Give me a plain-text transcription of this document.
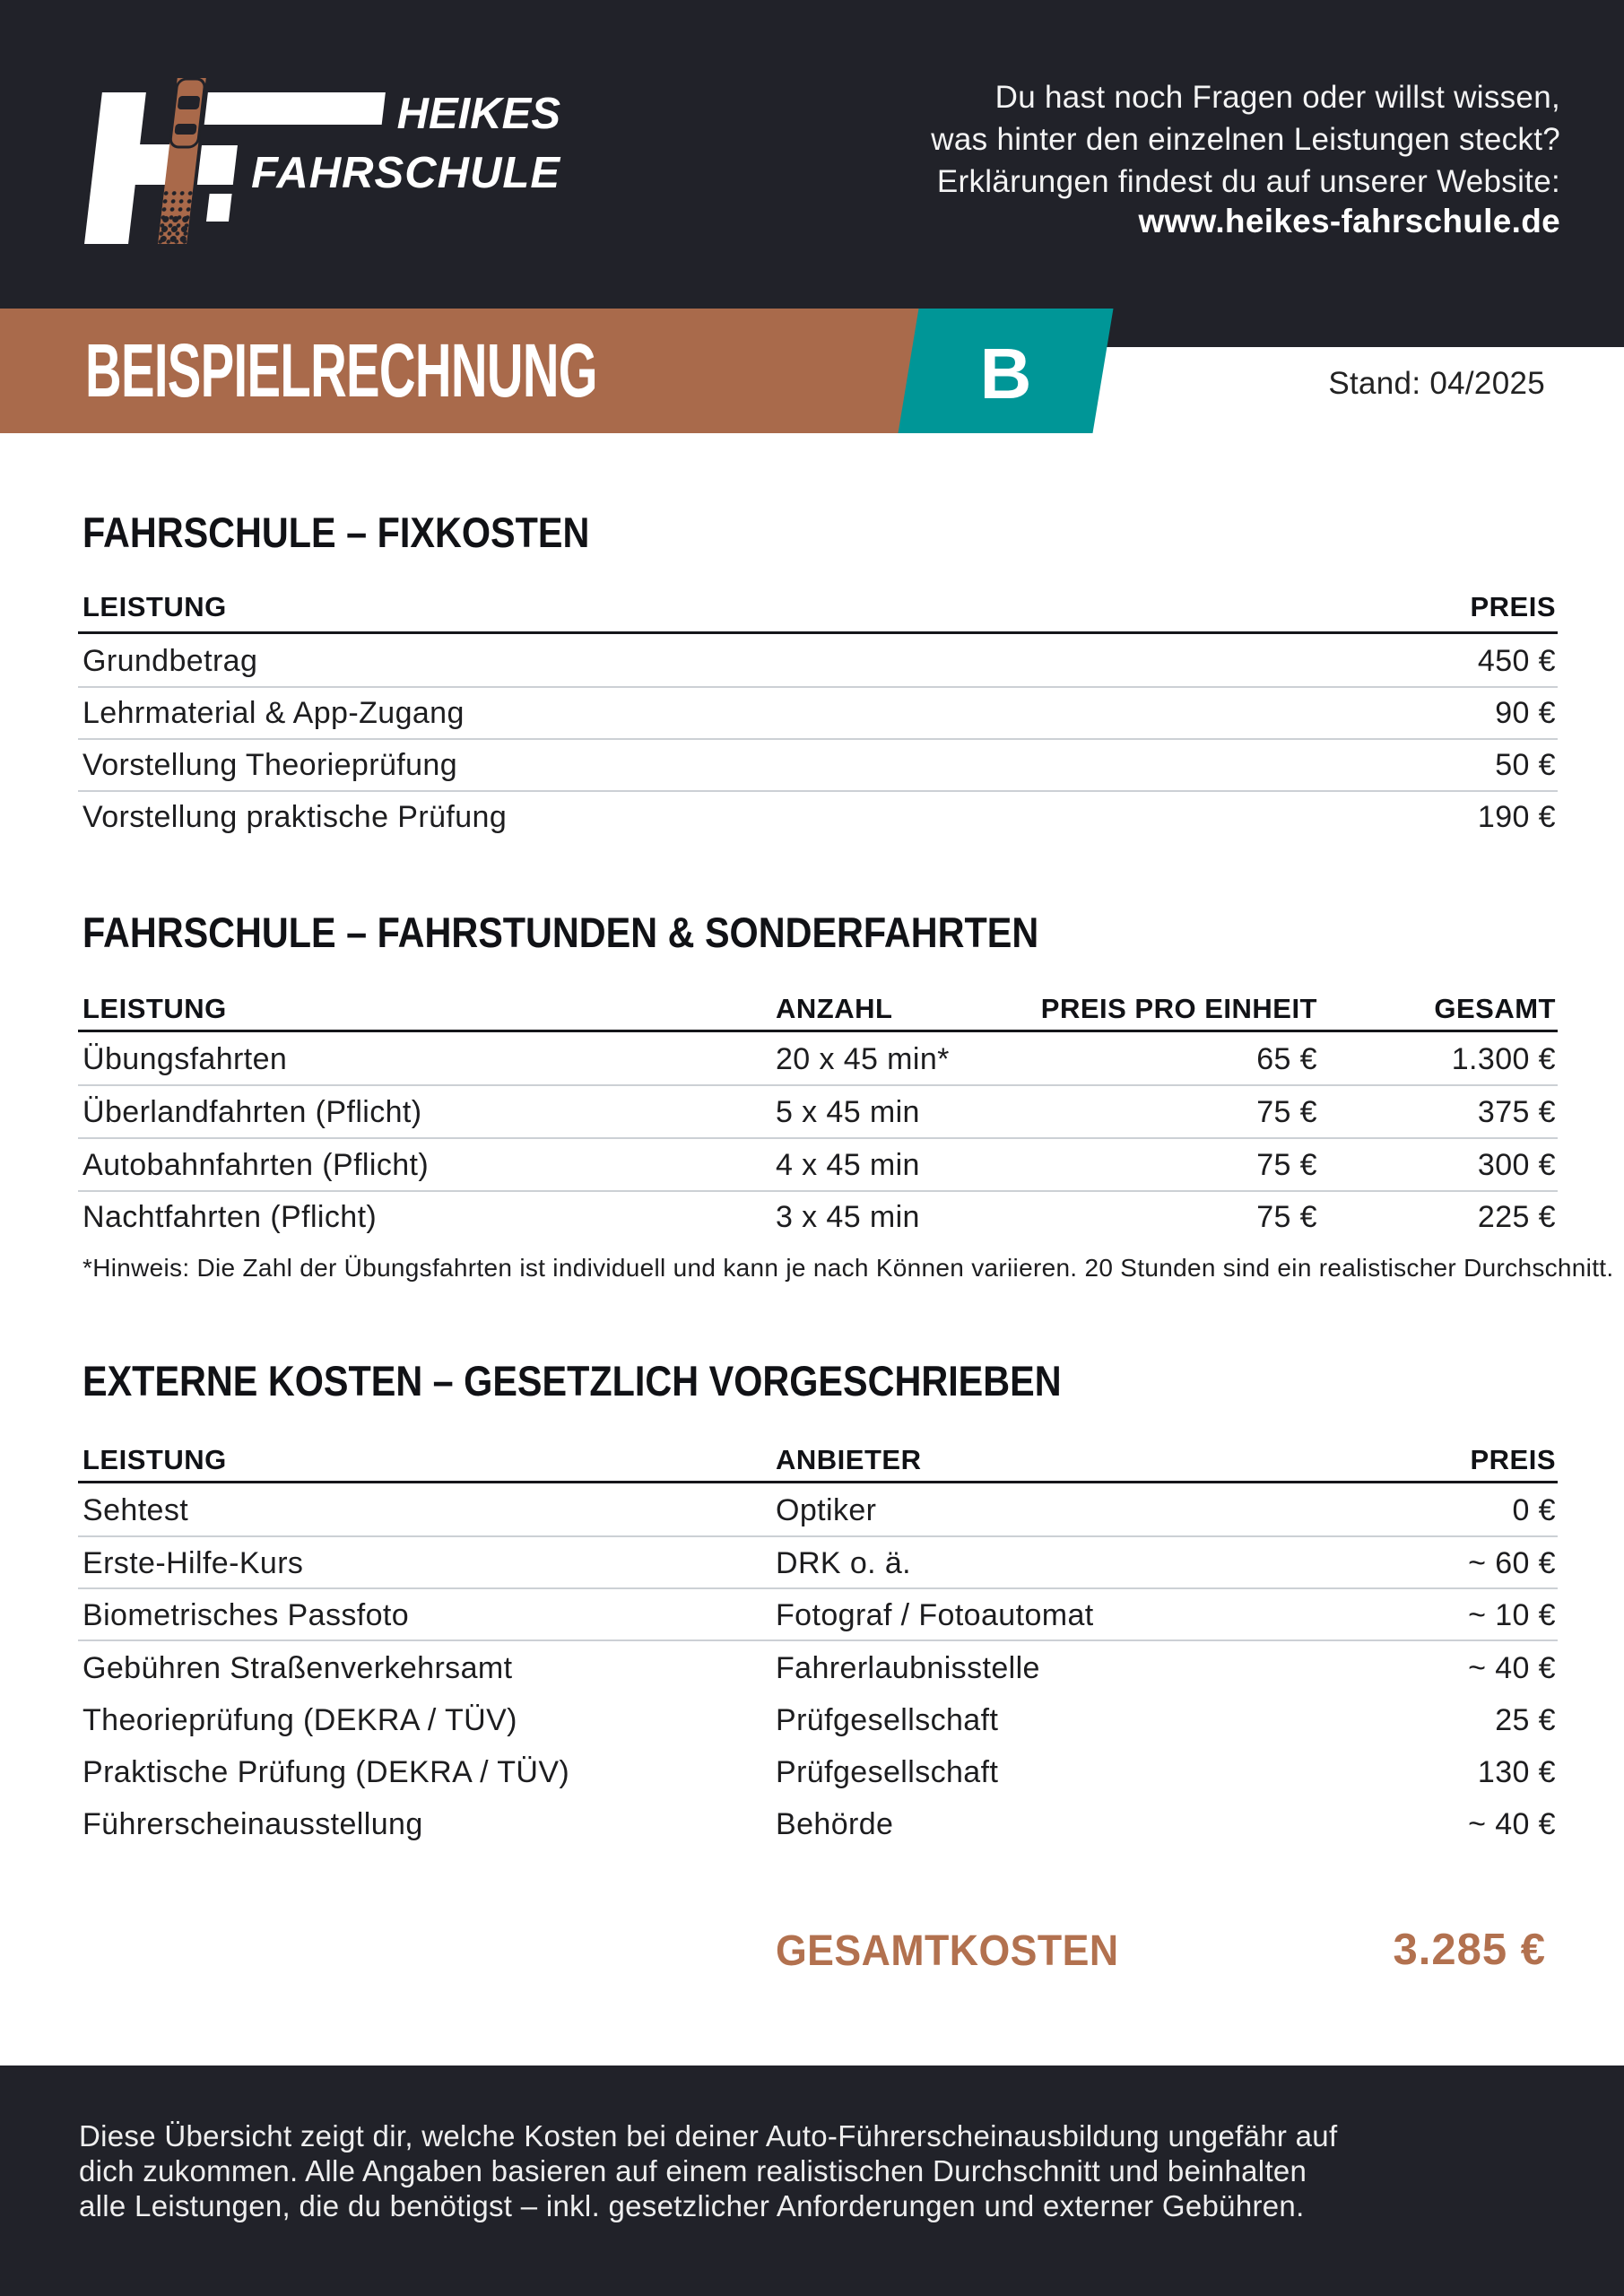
HEIKES
FAHRSCHULE
Du hast noch Fragen oder willst wissen,
was hinter den einzelnen Leistungen steckt?
Erklärungen findest du auf unserer Website:
www.heikes-fahrschule.de
BEISPIELRECHNUNG	B	Stand: 04/2025
FAHRSCHULE – FIXKOSTEN
LEISTUNG	PREIS
Grundbetrag	450 €
Lehrmaterial & App-Zugang	90 €
Vorstellung Theorieprüfung	50 €
Vorstellung praktische Prüfung	190 €
FAHRSCHULE – FAHRSTUNDEN & SONDERFAHRTEN
LEISTUNG	ANZAHL	PREIS PRO EINHEIT	GESAMT
Übungsfahrten	20 x 45 min*	65 €	1.300 €
Überlandfahrten (Pflicht)	5 x 45 min	75 €	375 €
Autobahnfahrten (Pflicht)	4 x 45 min	75 €	300 €
Nachtfahrten (Pflicht)	3 x 45 min	75 €	225 €
*Hinweis: Die Zahl der Übungsfahrten ist individuell und kann je nach Können variieren. 20 Stunden sind ein realistischer Durchschnitt.
EXTERNE KOSTEN – GESETZLICH VORGESCHRIEBEN
LEISTUNG	ANBIETER	PREIS
Sehtest	Optiker	0 €
Erste-Hilfe-Kurs	DRK o. ä.	~ 60 €
Biometrisches Passfoto	Fotograf / Fotoautomat	~ 10 €
Gebühren Straßenverkehrsamt	Fahrerlaubnisstelle	~ 40 €
Theorieprüfung (DEKRA / TÜV)	Prüfgesellschaft	25 €
Praktische Prüfung (DEKRA / TÜV)	Prüfgesellschaft	130 €
Führerscheinausstellung	Behörde	~ 40 €
GESAMTKOSTEN	3.285 €
Diese Übersicht zeigt dir, welche Kosten bei deiner Auto-Führerscheinausbildung ungefähr auf
dich zukommen. Alle Angaben basieren auf einem realistischen Durchschnitt und beinhalten
alle Leistungen, die du benötigst – inkl. gesetzlicher Anforderungen und externer Gebühren.
